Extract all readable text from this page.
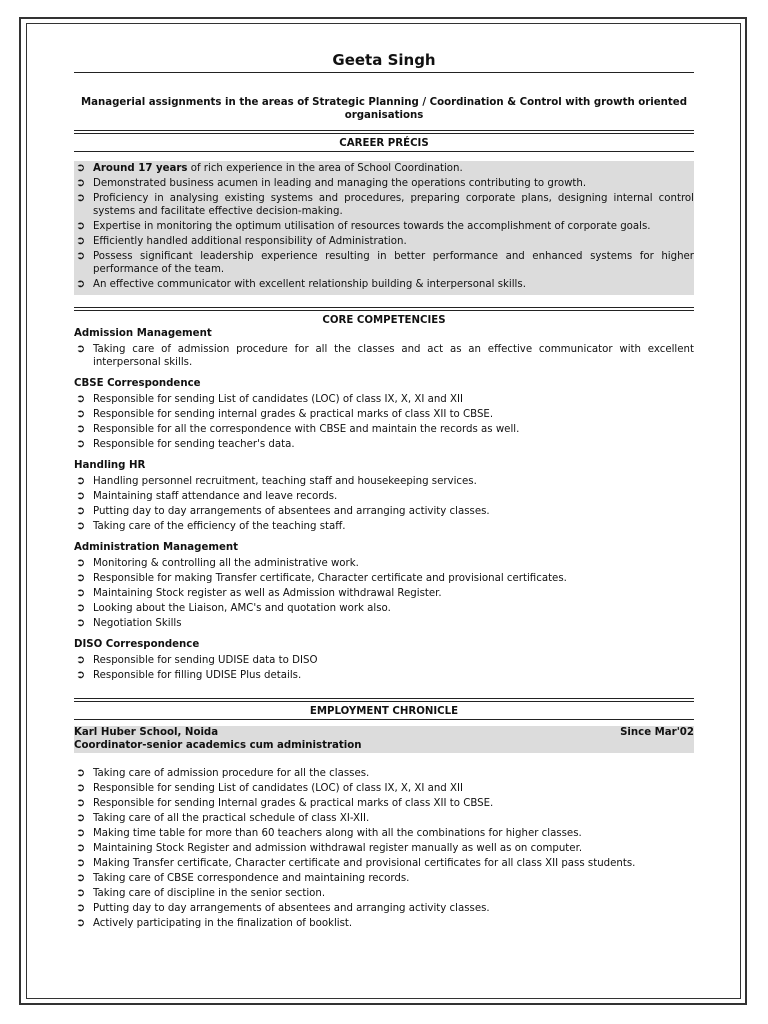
Geeta Singh
Managerial assignments in the areas of Strategic Planning / Coordination & Control with growth oriented organisations
CAREER PRÉCIS
➲ Around 17 years of rich experience in the area of School Coordination.
➲ Demonstrated business acumen in leading and managing the operations contributing to growth.
➲ Proficiency in analysing existing systems and procedures, preparing corporate plans, designing internal control systems and facilitate effective decision-making.
➲ Expertise in monitoring the optimum utilisation of resources towards the accomplishment of corporate goals.
➲ Efficiently handled additional responsibility of Administration.
➲ Possess significant leadership experience resulting in better performance and enhanced systems for higher performance of the team.
➲ An effective communicator with excellent relationship building & interpersonal skills.
CORE COMPETENCIES
Admission Management
➲ Taking care of admission procedure for all the classes and act as an effective communicator with excellent interpersonal skills.
CBSE Correspondence
➲ Responsible for sending List of candidates (LOC) of class IX, X, XI and XII
➲ Responsible for sending internal grades & practical marks of class XII to CBSE.
➲ Responsible for all the correspondence with CBSE and maintain the records as well.
➲ Responsible for sending teacher's data.
Handling HR
➲ Handling personnel recruitment, teaching staff and housekeeping services.
➲ Maintaining staff attendance and leave records.
➲ Putting day to day arrangements of absentees and arranging activity classes.
➲ Taking care of the efficiency of the teaching staff.
Administration Management
➲ Monitoring & controlling all the administrative work.
➲ Responsible for making Transfer certificate, Character certificate and provisional certificates.
➲ Maintaining Stock register as well as Admission withdrawal Register.
➲ Looking about the Liaison, AMC's and quotation work also.
➲ Negotiation Skills
DISO Correspondence
➲ Responsible for sending UDISE data to DISO
➲ Responsible for filling UDISE Plus details.
EMPLOYMENT CHRONICLE
Karl Huber School, Noida	Since Mar'02
Coordinator-senior academics cum administration
➲ Taking care of admission procedure for all the classes.
➲ Responsible for sending List of candidates (LOC) of class IX, X, XI and XII
➲ Responsible for sending Internal grades & practical marks of class XII to CBSE.
➲ Taking care of all the practical schedule of class XI-XII.
➲ Making time table for more than 60 teachers along with all the combinations for higher classes.
➲ Maintaining Stock Register and admission withdrawal register manually as well as on computer.
➲ Making Transfer certificate, Character certificate and provisional certificates for all class XII pass students.
➲ Taking care of CBSE correspondence and maintaining records.
➲ Taking care of discipline in the senior section.
➲ Putting day to day arrangements of absentees and arranging activity classes.
➲ Actively participating in the finalization of booklist.
